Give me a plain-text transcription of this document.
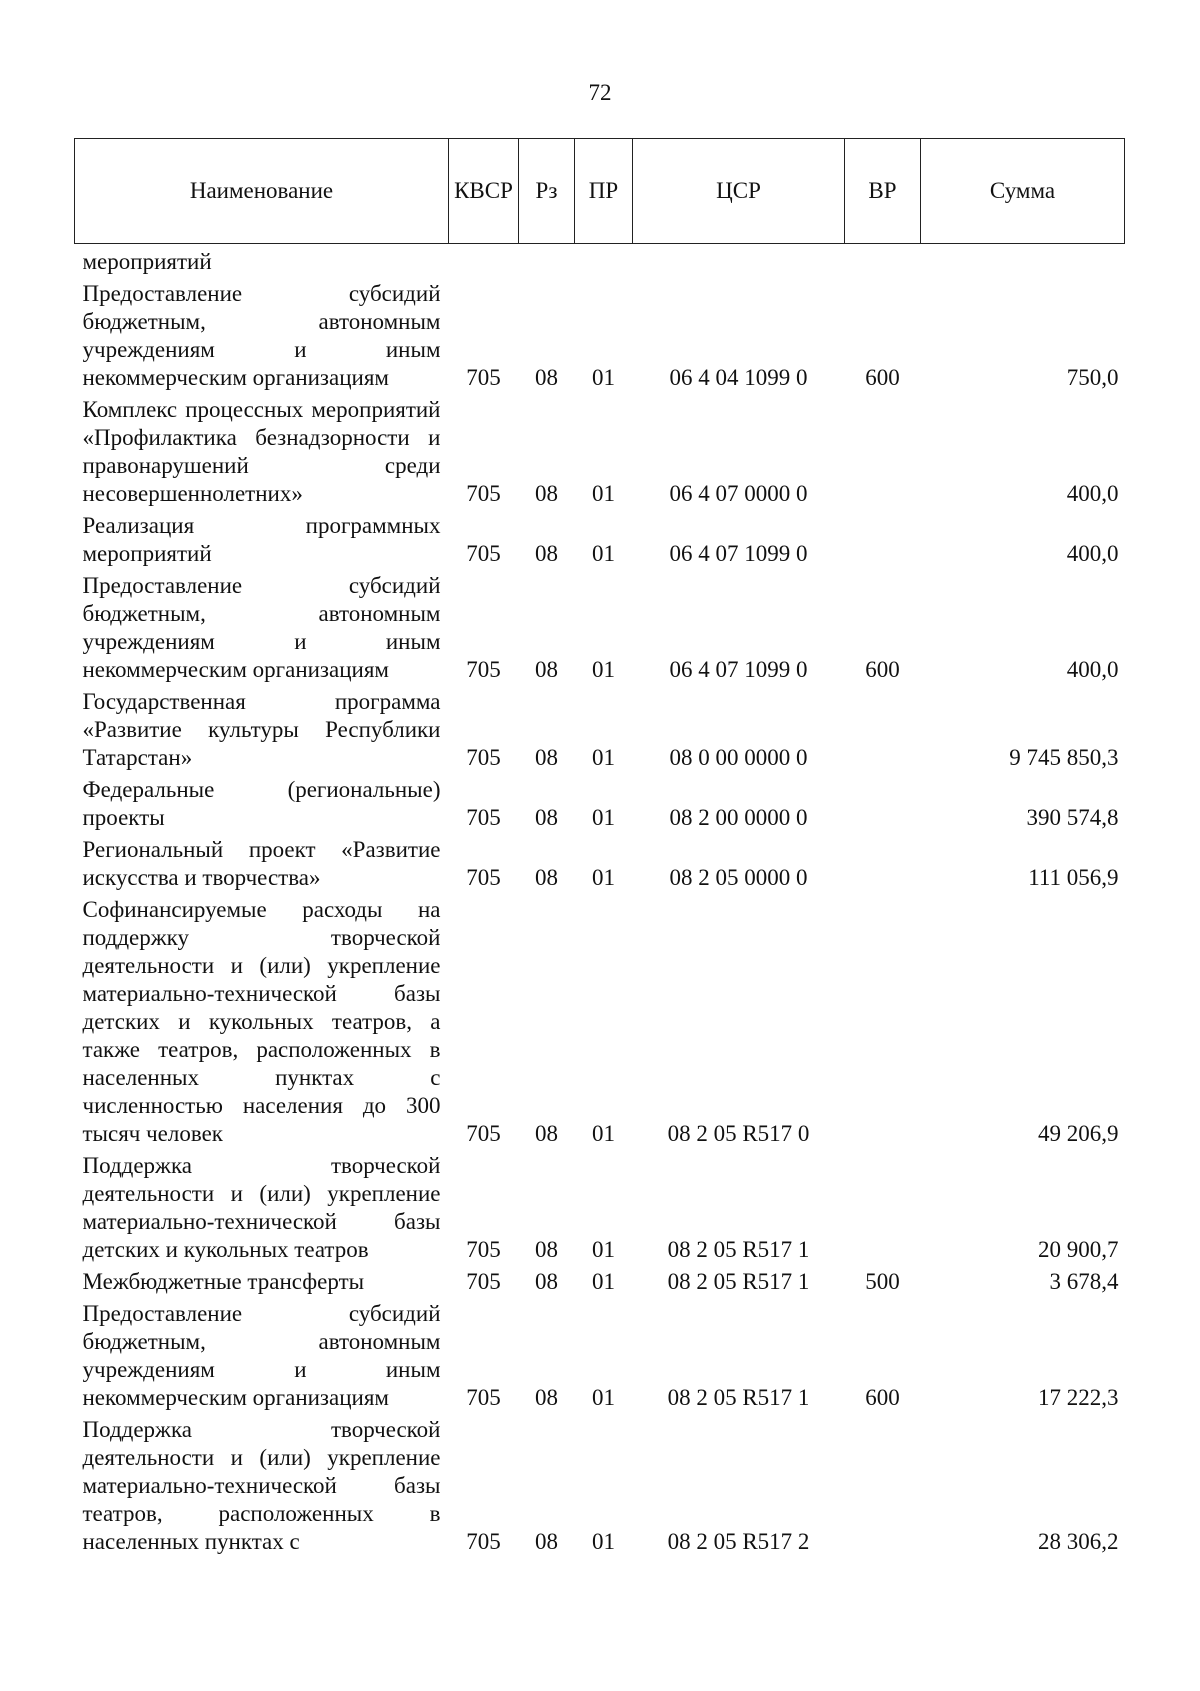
72
Наименование	КВСР	Рз	ПР	ЦСР	ВР	Сумма
мероприятий						
Предоставление субсидий бюджетным, автономным учреждениям и иным некоммерческим организациям	705	08	01	06 4 04 1099 0	600	750,0
Комплекс процессных мероприятий «Профилактика безнадзорности и правонарушений среди несовершеннолетних»	705	08	01	06 4 07 0000 0		400,0
Реализация программных мероприятий	705	08	01	06 4 07 1099 0		400,0
Предоставление субсидий бюджетным, автономным учреждениям и иным некоммерческим организациям	705	08	01	06 4 07 1099 0	600	400,0
Государственная программа «Развитие культуры Республики Татарстан»	705	08	01	08 0 00 0000 0		9 745 850,3
Федеральные (региональные) проекты	705	08	01	08 2 00 0000 0		390 574,8
Региональный проект «Развитие искусства и творчества»	705	08	01	08 2 05 0000 0		111 056,9
Софинансируемые расходы на поддержку творческой деятельности и (или) укрепление материально-технической базы детских и кукольных театров, а также театров, расположенных в населенных пунктах с численностью населения до 300 тысяч человек	705	08	01	08 2 05 R517 0		49 206,9
Поддержка творческой деятельности и (или) укрепление материально-технической базы детских и кукольных театров	705	08	01	08 2 05 R517 1		20 900,7
Межбюджетные трансферты	705	08	01	08 2 05 R517 1	500	3 678,4
Предоставление субсидий бюджетным, автономным учреждениям и иным некоммерческим организациям	705	08	01	08 2 05 R517 1	600	17 222,3
Поддержка творческой деятельности и (или) укрепление материально-технической базы театров, расположенных в населенных пунктах с	705	08	01	08 2 05 R517 2		28 306,2
